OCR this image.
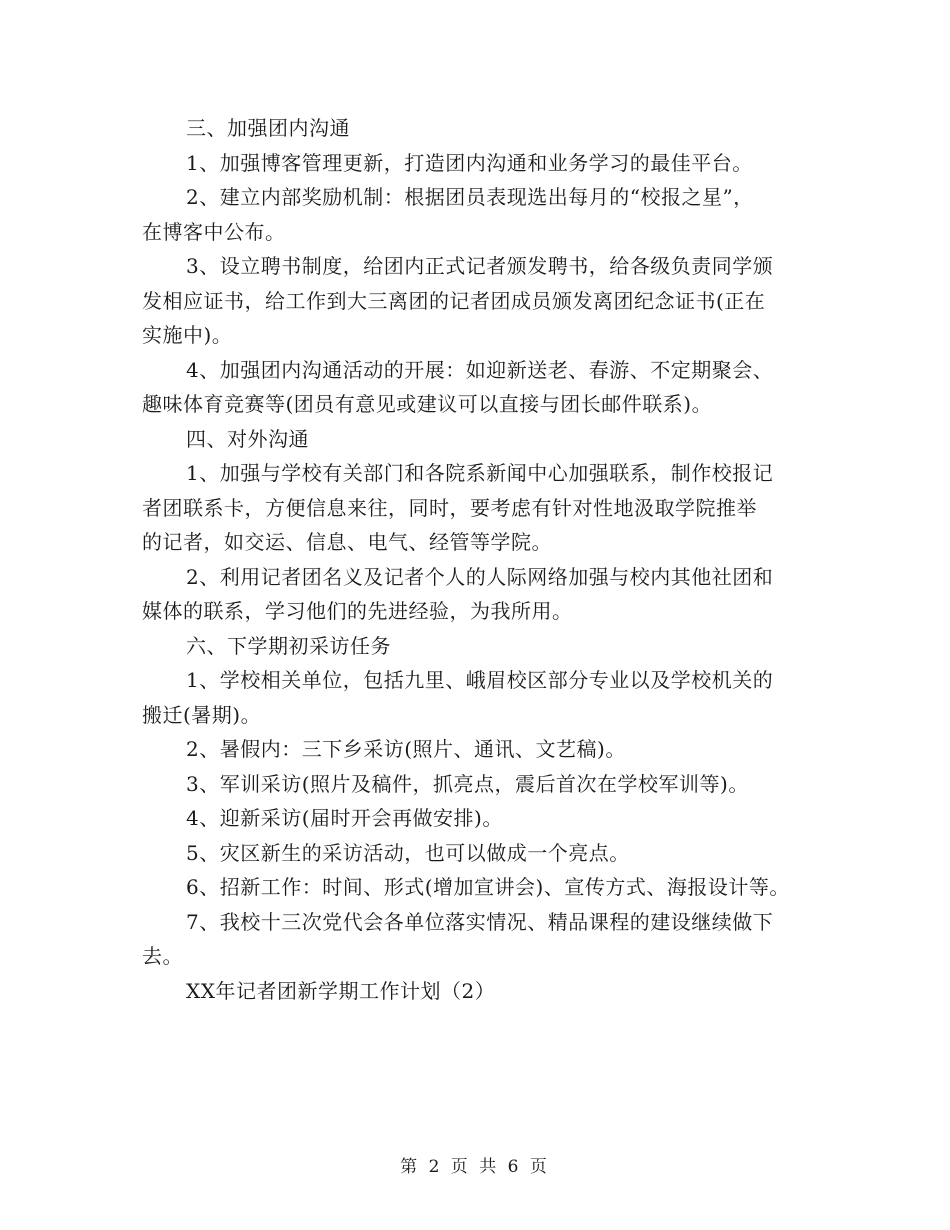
三、加强团内沟通
1、加强博客管理更新，打造团内沟通和业务学习的最佳平台。
2、建立内部奖励机制：根据团员表现选出每月的“校报之星”，
在博客中公布。
3、设立聘书制度，给团内正式记者颁发聘书，给各级负责同学颁
发相应证书，给工作到大三离团的记者团成员颁发离团纪念证书(正在
实施中)。
4、加强团内沟通活动的开展：如迎新送老、春游、不定期聚会、
趣味体育竞赛等(团员有意见或建议可以直接与团长邮件联系)。
四、对外沟通
1、加强与学校有关部门和各院系新闻中心加强联系，制作校报记
者团联系卡，方便信息来往，同时，要考虑有针对性地汲取学院推举
的记者，如交运、信息、电气、经管等学院。
2、利用记者团名义及记者个人的人际网络加强与校内其他社团和
媒体的联系，学习他们的先进经验，为我所用。
六、下学期初采访任务
1、学校相关单位，包括九里、峨眉校区部分专业以及学校机关的
搬迁(暑期)。
2、暑假内：三下乡采访(照片、通讯、文艺稿)。
3、军训采访(照片及稿件，抓亮点，震后首次在学校军训等)。
4、迎新采访(届时开会再做安排)。
5、灾区新生的采访活动，也可以做成一个亮点。
6、招新工作：时间、形式(增加宣讲会)、宣传方式、海报设计等。
7、我校十三次党代会各单位落实情况、精品课程的建设继续做下
去。
XX年记者团新学期工作计划（2）
第 2 页 共 6 页
